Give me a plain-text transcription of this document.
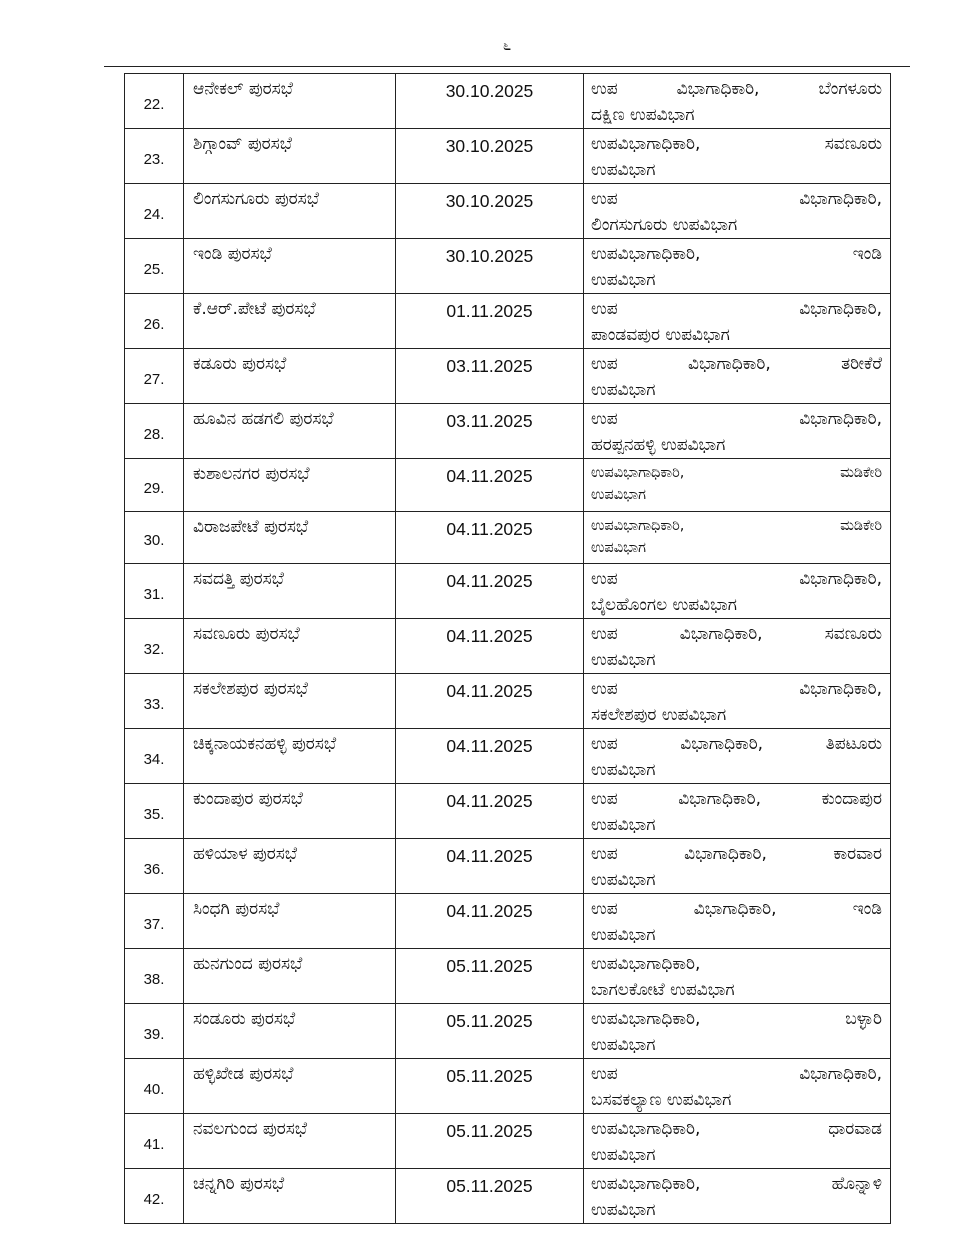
೬
22.	ಆನೇಕಲ್ ಪುರಸಭೆ	30.10.2025	ಉಪ ವಿಭಾಗಾಧಿಕಾರಿ, ಬೆಂಗಳೂರು
ದಕ್ಷಿಣ ಉಪವಿಭಾಗ

23.	ಶಿಗ್ಗಾಂವ್ ಪುರಸಭೆ	30.10.2025	ಉಪವಿಭಾಗಾಧಿಕಾರಿ, ಸವಣೂರು
ಉಪವಿಭಾಗ

24.	ಲಿಂಗಸುಗೂರು ಪುರಸಭೆ	30.10.2025	ಉಪ ವಿಭಾಗಾಧಿಕಾರಿ,
ಲಿಂಗಸುಗೂರು ಉಪವಿಭಾಗ

25.	ಇಂಡಿ ಪುರಸಭೆ	30.10.2025	ಉಪವಿಭಾಗಾಧಿಕಾರಿ, ಇಂಡಿ
ಉಪವಿಭಾಗ

26.	ಕೆ.ಆರ್.ಪೇಟೆ ಪುರಸಭೆ	01.11.2025	ಉಪ ವಿಭಾಗಾಧಿಕಾರಿ,
ಪಾಂಡವಪುರ ಉಪವಿಭಾಗ

27.	ಕಡೂರು ಪುರಸಭೆ	03.11.2025	ಉಪ ವಿಭಾಗಾಧಿಕಾರಿ, ತರೀಕೆರೆ
ಉಪವಿಭಾಗ

28.	ಹೂವಿನ ಹಡಗಲಿ ಪುರಸಭೆ	03.11.2025	ಉಪ ವಿಭಾಗಾಧಿಕಾರಿ,
ಹರಪ್ಪನಹಳ್ಳಿ ಉಪವಿಭಾಗ

29.	ಕುಶಾಲನಗರ ಪುರಸಭೆ	04.11.2025	ಉಪವಿಭಾಗಾಧಿಕಾರಿ, ಮಡಿಕೇರಿ
ಉಪವಿಭಾಗ

30.	ವಿರಾಜಪೇಟೆ ಪುರಸಭೆ	04.11.2025	ಉಪವಿಭಾಗಾಧಿಕಾರಿ, ಮಡಿಕೇರಿ
ಉಪವಿಭಾಗ

31.	ಸವದತ್ತಿ ಪುರಸಭೆ	04.11.2025	ಉಪ ವಿಭಾಗಾಧಿಕಾರಿ,
ಬೈಲಹೊಂಗಲ ಉಪವಿಭಾಗ

32.	ಸವಣೂರು ಪುರಸಭೆ	04.11.2025	ಉಪ ವಿಭಾಗಾಧಿಕಾರಿ, ಸವಣೂರು
ಉಪವಿಭಾಗ

33.	ಸಕಲೇಶಪುರ ಪುರಸಭೆ	04.11.2025	ಉಪ ವಿಭಾಗಾಧಿಕಾರಿ,
ಸಕಲೇಶಪುರ ಉಪವಿಭಾಗ

34.	ಚಿಕ್ಕನಾಯಕನಹಳ್ಳಿ ಪುರಸಭೆ	04.11.2025	ಉಪ ವಿಭಾಗಾಧಿಕಾರಿ, ತಿಪಟೂರು
ಉಪವಿಭಾಗ

35.	ಕುಂದಾಪುರ ಪುರಸಭೆ	04.11.2025	ಉಪ ವಿಭಾಗಾಧಿಕಾರಿ, ಕುಂದಾಪುರ
ಉಪವಿಭಾಗ

36.	ಹಳಿಯಾಳ ಪುರಸಭೆ	04.11.2025	ಉಪ ವಿಭಾಗಾಧಿಕಾರಿ, ಕಾರವಾರ
ಉಪವಿಭಾಗ

37.	ಸಿಂಧಗಿ ಪುರಸಭೆ	04.11.2025	ಉಪ ವಿಭಾಗಾಧಿಕಾರಿ, ಇಂಡಿ
ಉಪವಿಭಾಗ

38.	ಹುನಗುಂದ ಪುರಸಭೆ	05.11.2025	ಉಪವಿಭಾಗಾಧಿಕಾರಿ,
ಬಾಗಲಕೋಟೆ ಉಪವಿಭಾಗ

39.	ಸಂಡೂರು ಪುರಸಭೆ	05.11.2025	ಉಪವಿಭಾಗಾಧಿಕಾರಿ, ಬಳ್ಳಾರಿ
ಉಪವಿಭಾಗ

40.	ಹಳ್ಳಿಖೇಡ ಪುರಸಭೆ	05.11.2025	ಉಪ ವಿಭಾಗಾಧಿಕಾರಿ,
ಬಸವಕಲ್ಯಾಣ ಉಪವಿಭಾಗ

41.	ನವಲಗುಂದ ಪುರಸಭೆ	05.11.2025	ಉಪವಿಭಾಗಾಧಿಕಾರಿ, ಧಾರವಾಡ
ಉಪವಿಭಾಗ

42.	ಚನ್ನಗಿರಿ ಪುರಸಭೆ	05.11.2025	ಉಪವಿಭಾಗಾಧಿಕಾರಿ, ಹೊನ್ನಾಳಿ
ಉಪವಿಭಾಗ
